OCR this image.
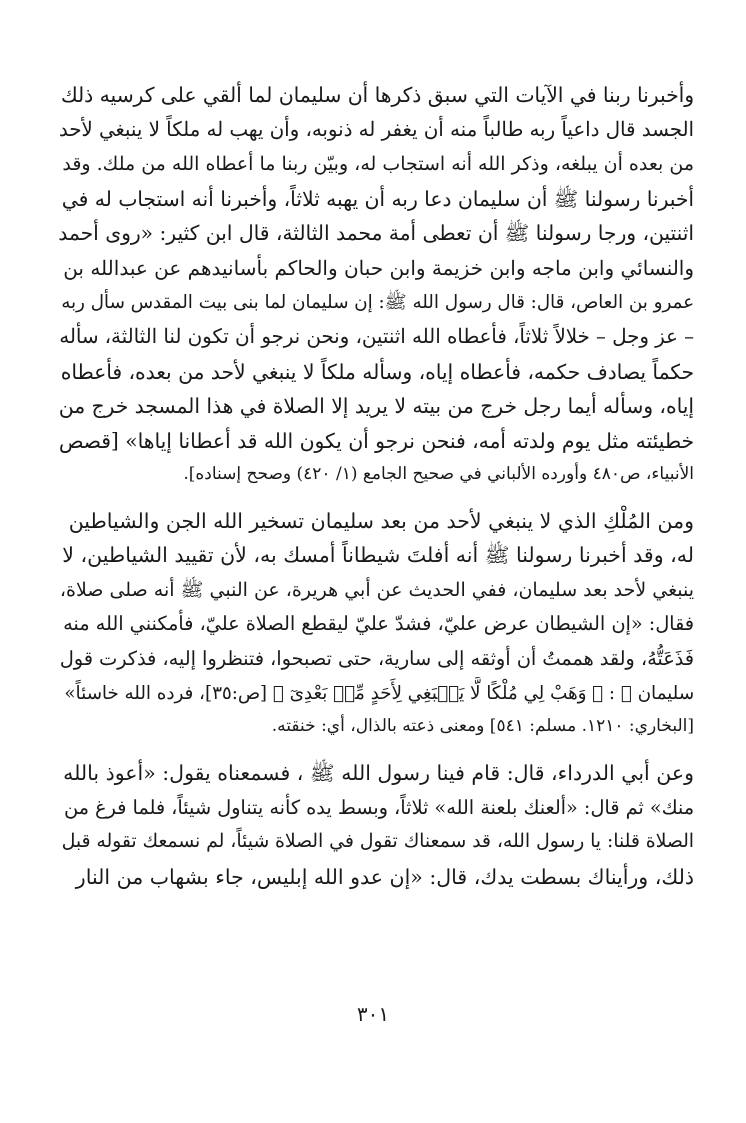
وأخبرنا ربنا في الآيات التي سبق ذكرها أن سليمان لما ألقي على كرسيه ذلك
الجسد قال داعياً ربه طالباً منه أن يغفر له ذنوبه، وأن يهب له ملكاً لا ينبغي لأحد
من بعده أن يبلغه، وذكر الله أنه استجاب له، وبيّن ربنا ما أعطاه الله من ملك. وقد
أخبرنا رسولنا ﷺ أن سليمان دعا ربه أن يهبه ثلاثاً، وأخبرنا أنه استجاب له في
اثنتين، ورجا رسولنا ﷺ أن تعطى أمة محمد الثالثة، قال ابن كثير: «روى أحمد
والنسائي وابن ماجه وابن خزيمة وابن حبان والحاكم بأسانيدهم عن عبدالله بن
عمرو بن العاص، قال: قال رسول الله ﷺ: إن سليمان لما بنى بيت المقدس سأل ربه
– عز وجل – خلالاً ثلاثاً، فأعطاه الله اثنتين، ونحن نرجو أن تكون لنا الثالثة، سأله
حكماً يصادف حكمه، فأعطاه إياه، وسأله ملكاً لا ينبغي لأحد من بعده، فأعطاه
إياه، وسأله أيما رجل خرج من بيته لا يريد إلا الصلاة في هذا المسجد خرج من
خطيئته مثل يوم ولدته أمه، فنحن نرجو أن يكون الله قد أعطانا إياها» [قصص
الأنبياء، ص٤٨٠ وأورده الألباني في صحيح الجامع (١/ ٤٢٠) وصحح إسناده].
ومن المُلْكِ الذي لا ينبغي لأحد من بعد سليمان تسخير الله الجن والشياطين
له، وقد أخبرنا رسولنا ﷺ أنه أفلتَ شيطاناً أمسك به، لأن تقييد الشياطين، لا
ينبغي لأحد بعد سليمان، ففي الحديث عن أبي هريرة، عن النبي ﷺ أنه صلى صلاة،
فقال: «إن الشيطان عرض عليّ، فشدّ عليّ ليقطع الصلاة عليّ، فأمكنني الله منه
فَذَعَتُّهُ، ولقد هممتُ أن أوثقه إلى سارية، حتى تصبحوا، فتنظروا إليه، فذكرت قول
سليمان ﷷ : ﴿ وَهَبْ لِي مُلْكًا لَّا يَنۢبَغِي لِأَحَدٍ مِّنۢ بَعْدِىٓ ﴾ [ص:٣٥]، فرده الله خاسئاً»
[البخاري: ١٢١٠. مسلم: ٥٤١] ومعنى ذعته بالذال، أي: خنقته.
وعن أبي الدرداء، قال: قام فينا رسول الله ﷺ ، فسمعناه يقول: «أعوذ بالله
منك» ثم قال: «ألعنك بلعنة الله» ثلاثاً، وبسط يده كأنه يتناول شيئاً، فلما فرغ من
الصلاة قلنا: يا رسول الله، قد سمعناك تقول في الصلاة شيئاً، لم نسمعك تقوله قبل
ذلك، ورأيناك بسطت يدك، قال: «إن عدو الله إبليس، جاء بشهاب من النار
٣٠١
